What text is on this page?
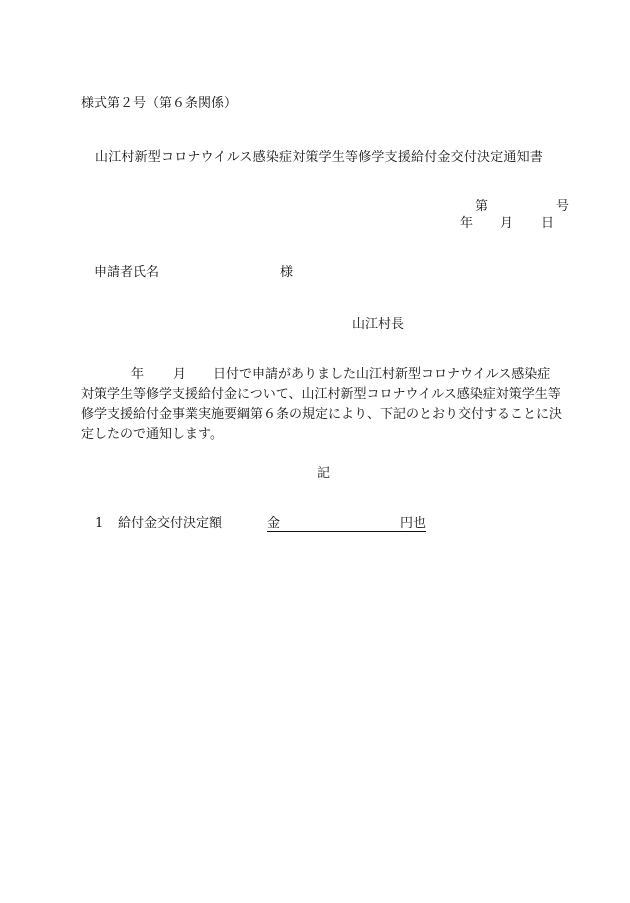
様式第２号（第６条関係）
山江村新型コロナウイルス感染症対策学生等修学支援給付金交付決定通知書
第	号
年 月 日
申請者氏名	様
山江村長
年 月 日付で申請がありました山江村新型コロナウイルス感染症
対策学生等修学支援給付金について、山江村新型コロナウイルス感染症対策学生等
修学支援給付金事業実施要綱第６条の規定により、下記のとおり交付することに決
定したので通知します。
記
1 給付金交付決定額	金	円也
